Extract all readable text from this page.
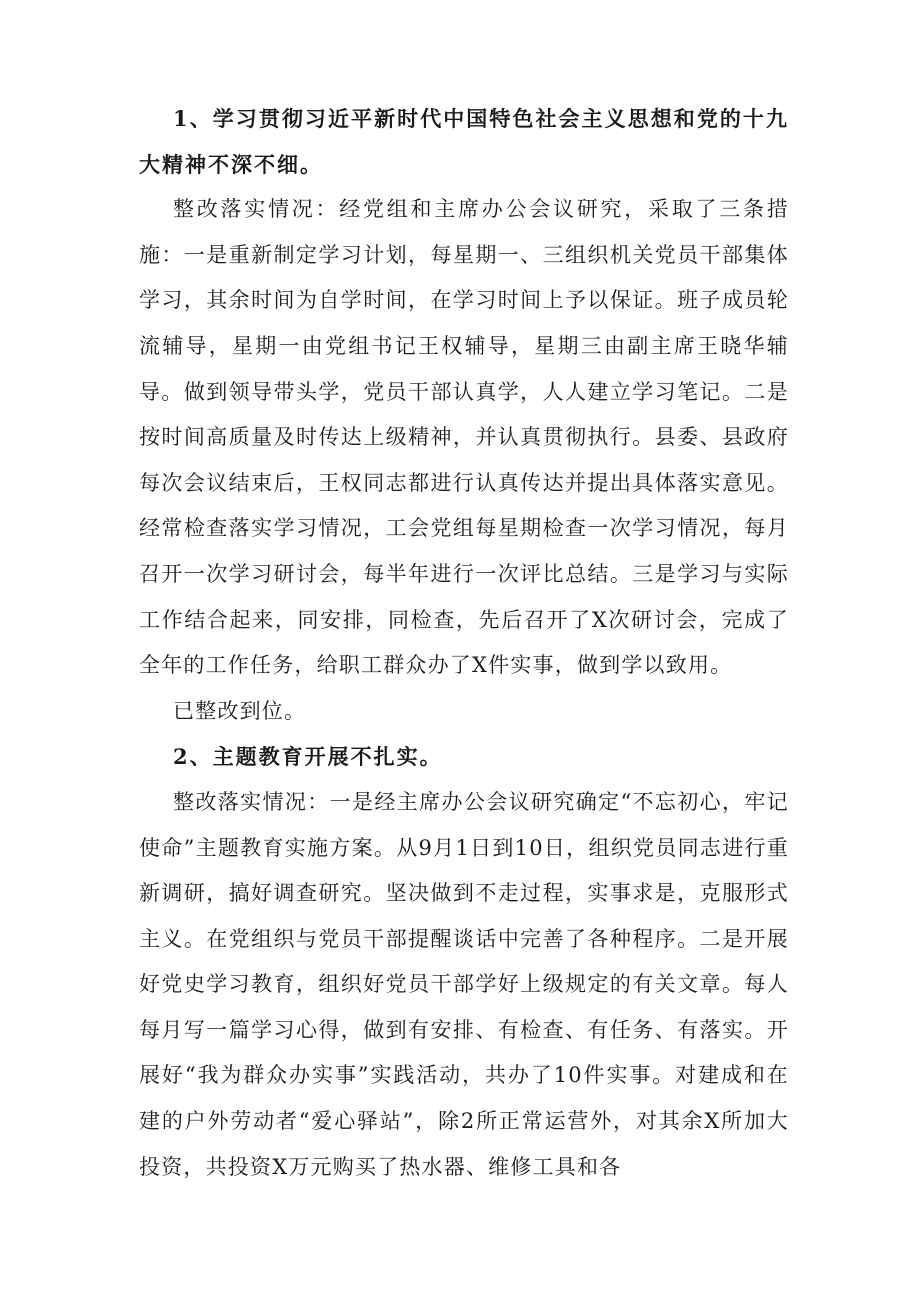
1、学习贯彻习近平新时代中国特色社会主义思想和党的十九大精神不深不细。

整改落实情况：经党组和主席办公会议研究，采取了三条措施：一是重新制定学习计划，每星期一、三组织机关党员干部集体学习，其余时间为自学时间，在学习时间上予以保证。班子成员轮流辅导，星期一由党组书记王权辅导，星期三由副主席王晓华辅导。做到领导带头学，党员干部认真学，人人建立学习笔记。二是按时间高质量及时传达上级精神，并认真贯彻执行。县委、县政府每次会议结束后，王权同志都进行认真传达并提出具体落实意见。经常检查落实学习情况，工会党组每星期检查一次学习情况，每月召开一次学习研讨会，每半年进行一次评比总结。三是学习与实际工作结合起来，同安排，同检查，先后召开了X次研讨会，完成了全年的工作任务，给职工群众办了X件实事，做到学以致用。

已整改到位。

2、主题教育开展不扎实。

整改落实情况：一是经主席办公会议研究确定“不忘初心，牢记使命”主题教育实施方案。从9月1日到10日，组织党员同志进行重新调研，搞好调查研究。坚决做到不走过程，实事求是，克服形式主义。在党组织与党员干部提醒谈话中完善了各种程序。二是开展好党史学习教育，组织好党员干部学好上级规定的有关文章。每人每月写一篇学习心得，做到有安排、有检查、有任务、有落实。开展好“我为群众办实事”实践活动，共办了10件实事。对建成和在建的户外劳动者“爱心驿站”，除2所正常运营外，对其余X所加大投资，共投资X万元购买了热水器、维修工具和各
